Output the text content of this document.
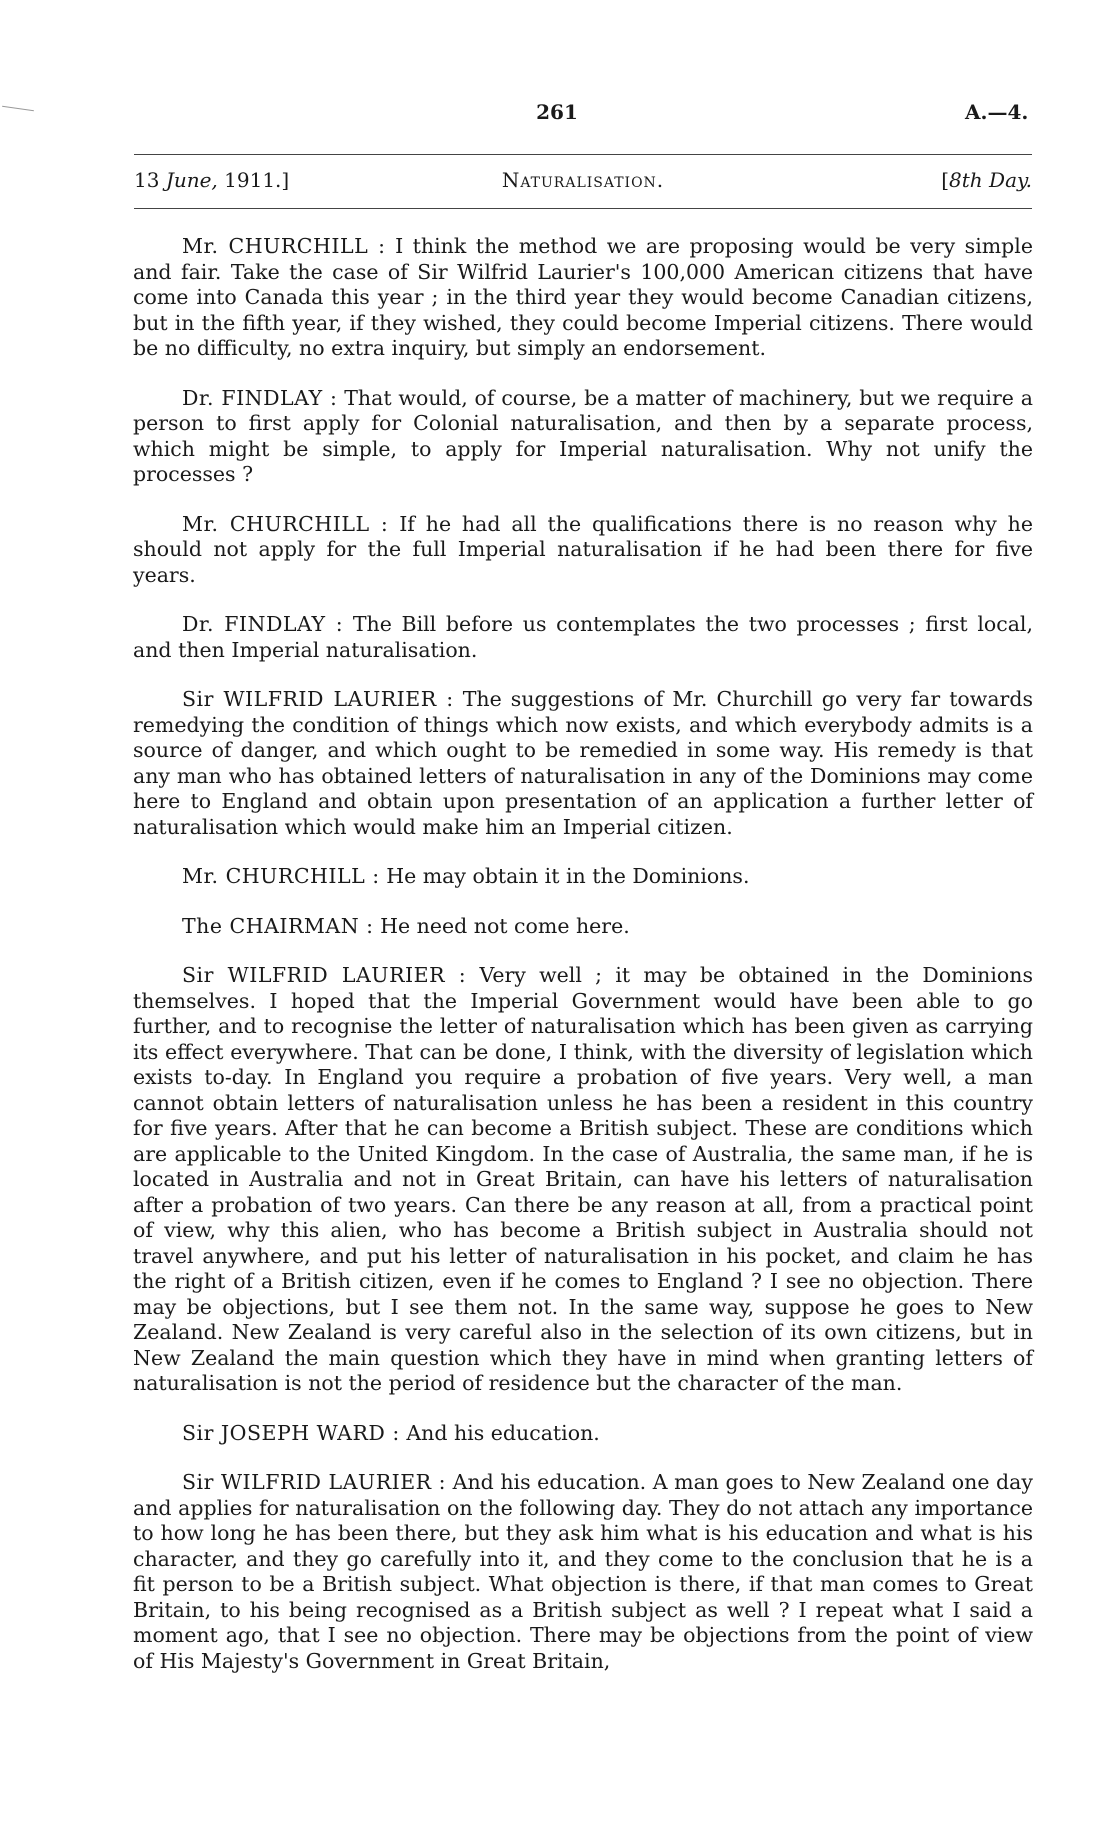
261	A.—4.
13 June, 1911.]	Naturalisation.	[8th Day.

Mr. CHURCHILL : I think the method we are proposing would be very simple and fair. Take the case of Sir Wilfrid Laurier's 100,000 American citizens that have come into Canada this year ; in the third year they would become Canadian citizens, but in the fifth year, if they wished, they could become Imperial citizens. There would be no difficulty, no extra inquiry, but simply an endorsement.

Dr. FINDLAY : That would, of course, be a matter of machinery, but we require a person to first apply for Colonial naturalisation, and then by a separate process, which might be simple, to apply for Imperial naturalisation. Why not unify the processes ?

Mr. CHURCHILL : If he had all the qualifications there is no reason why he should not apply for the full Imperial naturalisation if he had been there for five years.

Dr. FINDLAY : The Bill before us contemplates the two processes ; first local, and then Imperial naturalisation.

Sir WILFRID LAURIER : The suggestions of Mr. Churchill go very far towards remedying the condition of things which now exists, and which everybody admits is a source of danger, and which ought to be remedied in some way. His remedy is that any man who has obtained letters of naturalisation in any of the Dominions may come here to England and obtain upon presentation of an application a further letter of naturalisation which would make him an Imperial citizen.

Mr. CHURCHILL : He may obtain it in the Dominions.

The CHAIRMAN : He need not come here.

Sir WILFRID LAURIER : Very well ; it may be obtained in the Dominions themselves. I hoped that the Imperial Government would have been able to go further, and to recognise the letter of naturalisation which has been given as carrying its effect everywhere. That can be done, I think, with the diversity of legislation which exists to-day. In England you require a probation of five years. Very well, a man cannot obtain letters of naturalisation unless he has been a resident in this country for five years. After that he can become a British subject. These are conditions which are applicable to the United Kingdom. In the case of Australia, the same man, if he is located in Australia and not in Great Britain, can have his letters of naturalisation after a probation of two years. Can there be any reason at all, from a practical point of view, why this alien, who has become a British subject in Australia should not travel anywhere, and put his letter of naturalisation in his pocket, and claim he has the right of a British citizen, even if he comes to England ? I see no objection. There may be objections, but I see them not. In the same way, suppose he goes to New Zealand. New Zealand is very careful also in the selection of its own citizens, but in New Zealand the main question which they have in mind when granting letters of naturalisation is not the period of residence but the character of the man.

Sir JOSEPH WARD : And his education.

Sir WILFRID LAURIER : And his education. A man goes to New Zealand one day and applies for naturalisation on the following day. They do not attach any importance to how long he has been there, but they ask him what is his education and what is his character, and they go carefully into it, and they come to the conclusion that he is a fit person to be a British subject. What objection is there, if that man comes to Great Britain, to his being recognised as a British subject as well ? I repeat what I said a moment ago, that I see no objection. There may be objections from the point of view of His Majesty's Government in Great Britain,
